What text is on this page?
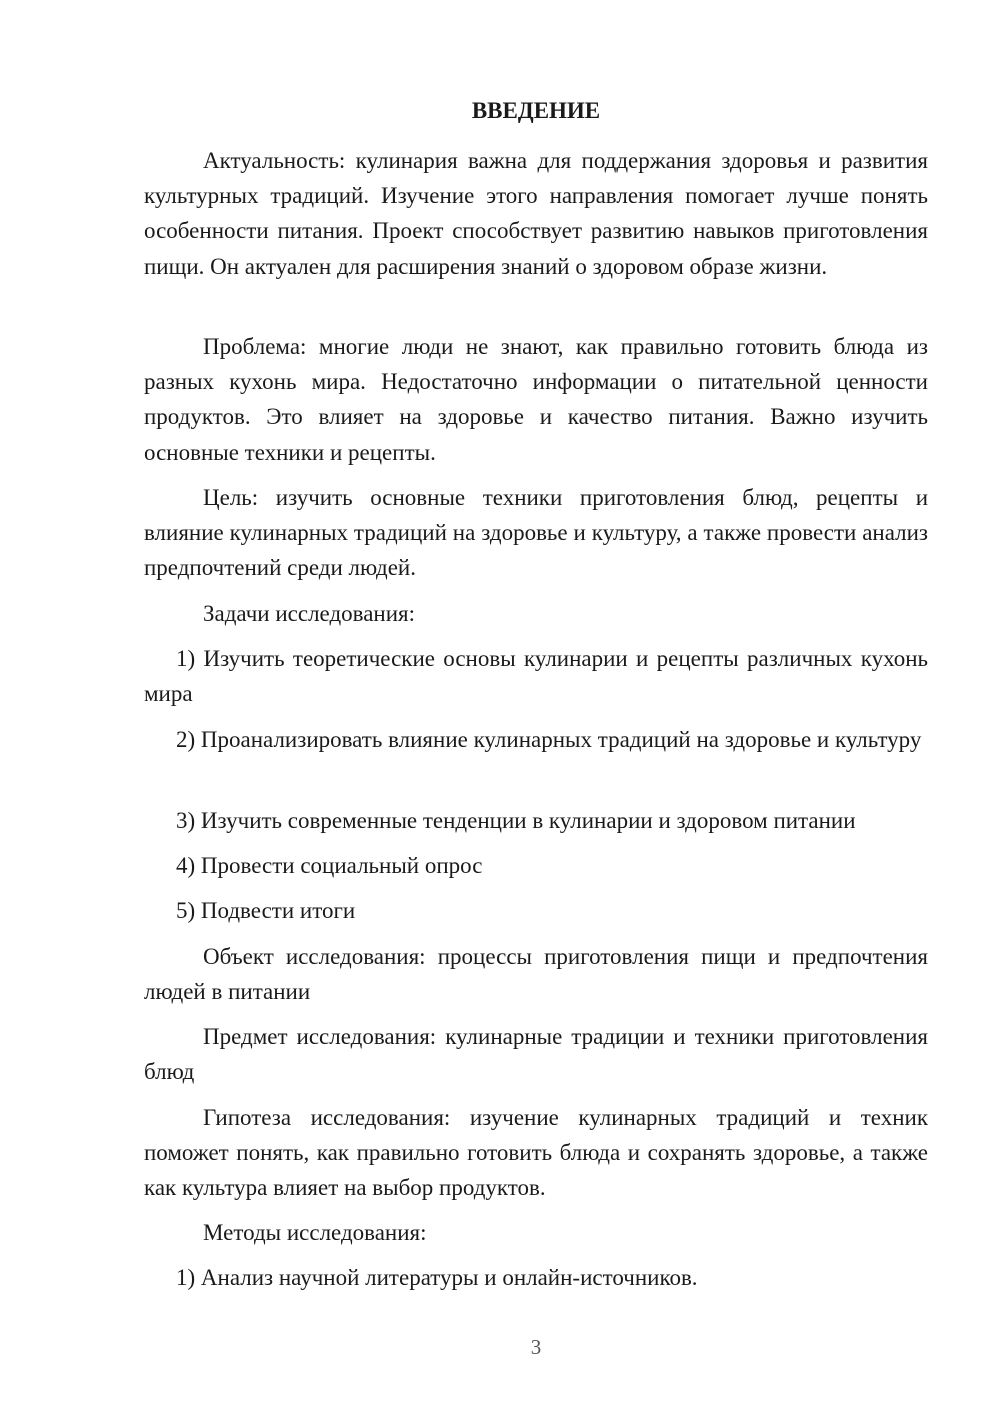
ВВЕДЕНИЕ

Актуальность: кулинария важна для поддержания здоровья и развития культурных традиций. Изучение этого направления помогает лучше понять особенности питания. Проект способствует развитию навыков приготовления пищи. Он актуален для расширения знаний о здоровом образе жизни.

Проблема: многие люди не знают, как правильно готовить блюда из разных кухонь мира. Недостаточно информации о питательной ценности продуктов. Это влияет на здоровье и качество питания. Важно изучить основные техники и рецепты.

Цель: изучить основные техники приготовления блюд, рецепты и влияние кулинарных традиций на здоровье и культуру, а также провести анализ предпочтений среди людей.

Задачи исследования:

1) Изучить теоретические основы кулинарии и рецепты различных кухонь мира

2) Проанализировать влияние кулинарных традиций на здоровье и культуру

3) Изучить современные тенденции в кулинарии и здоровом питании

4) Провести социальный опрос

5) Подвести итоги

Объект исследования: процессы приготовления пищи и предпочтения людей в питании

Предмет исследования: кулинарные традиции и техники приготовления блюд

Гипотеза исследования: изучение кулинарных традиций и техник поможет понять, как правильно готовить блюда и сохранять здоровье, а также как культура влияет на выбор продуктов.

Методы исследования:

1) Анализ научной литературы и онлайн-источников.

3
